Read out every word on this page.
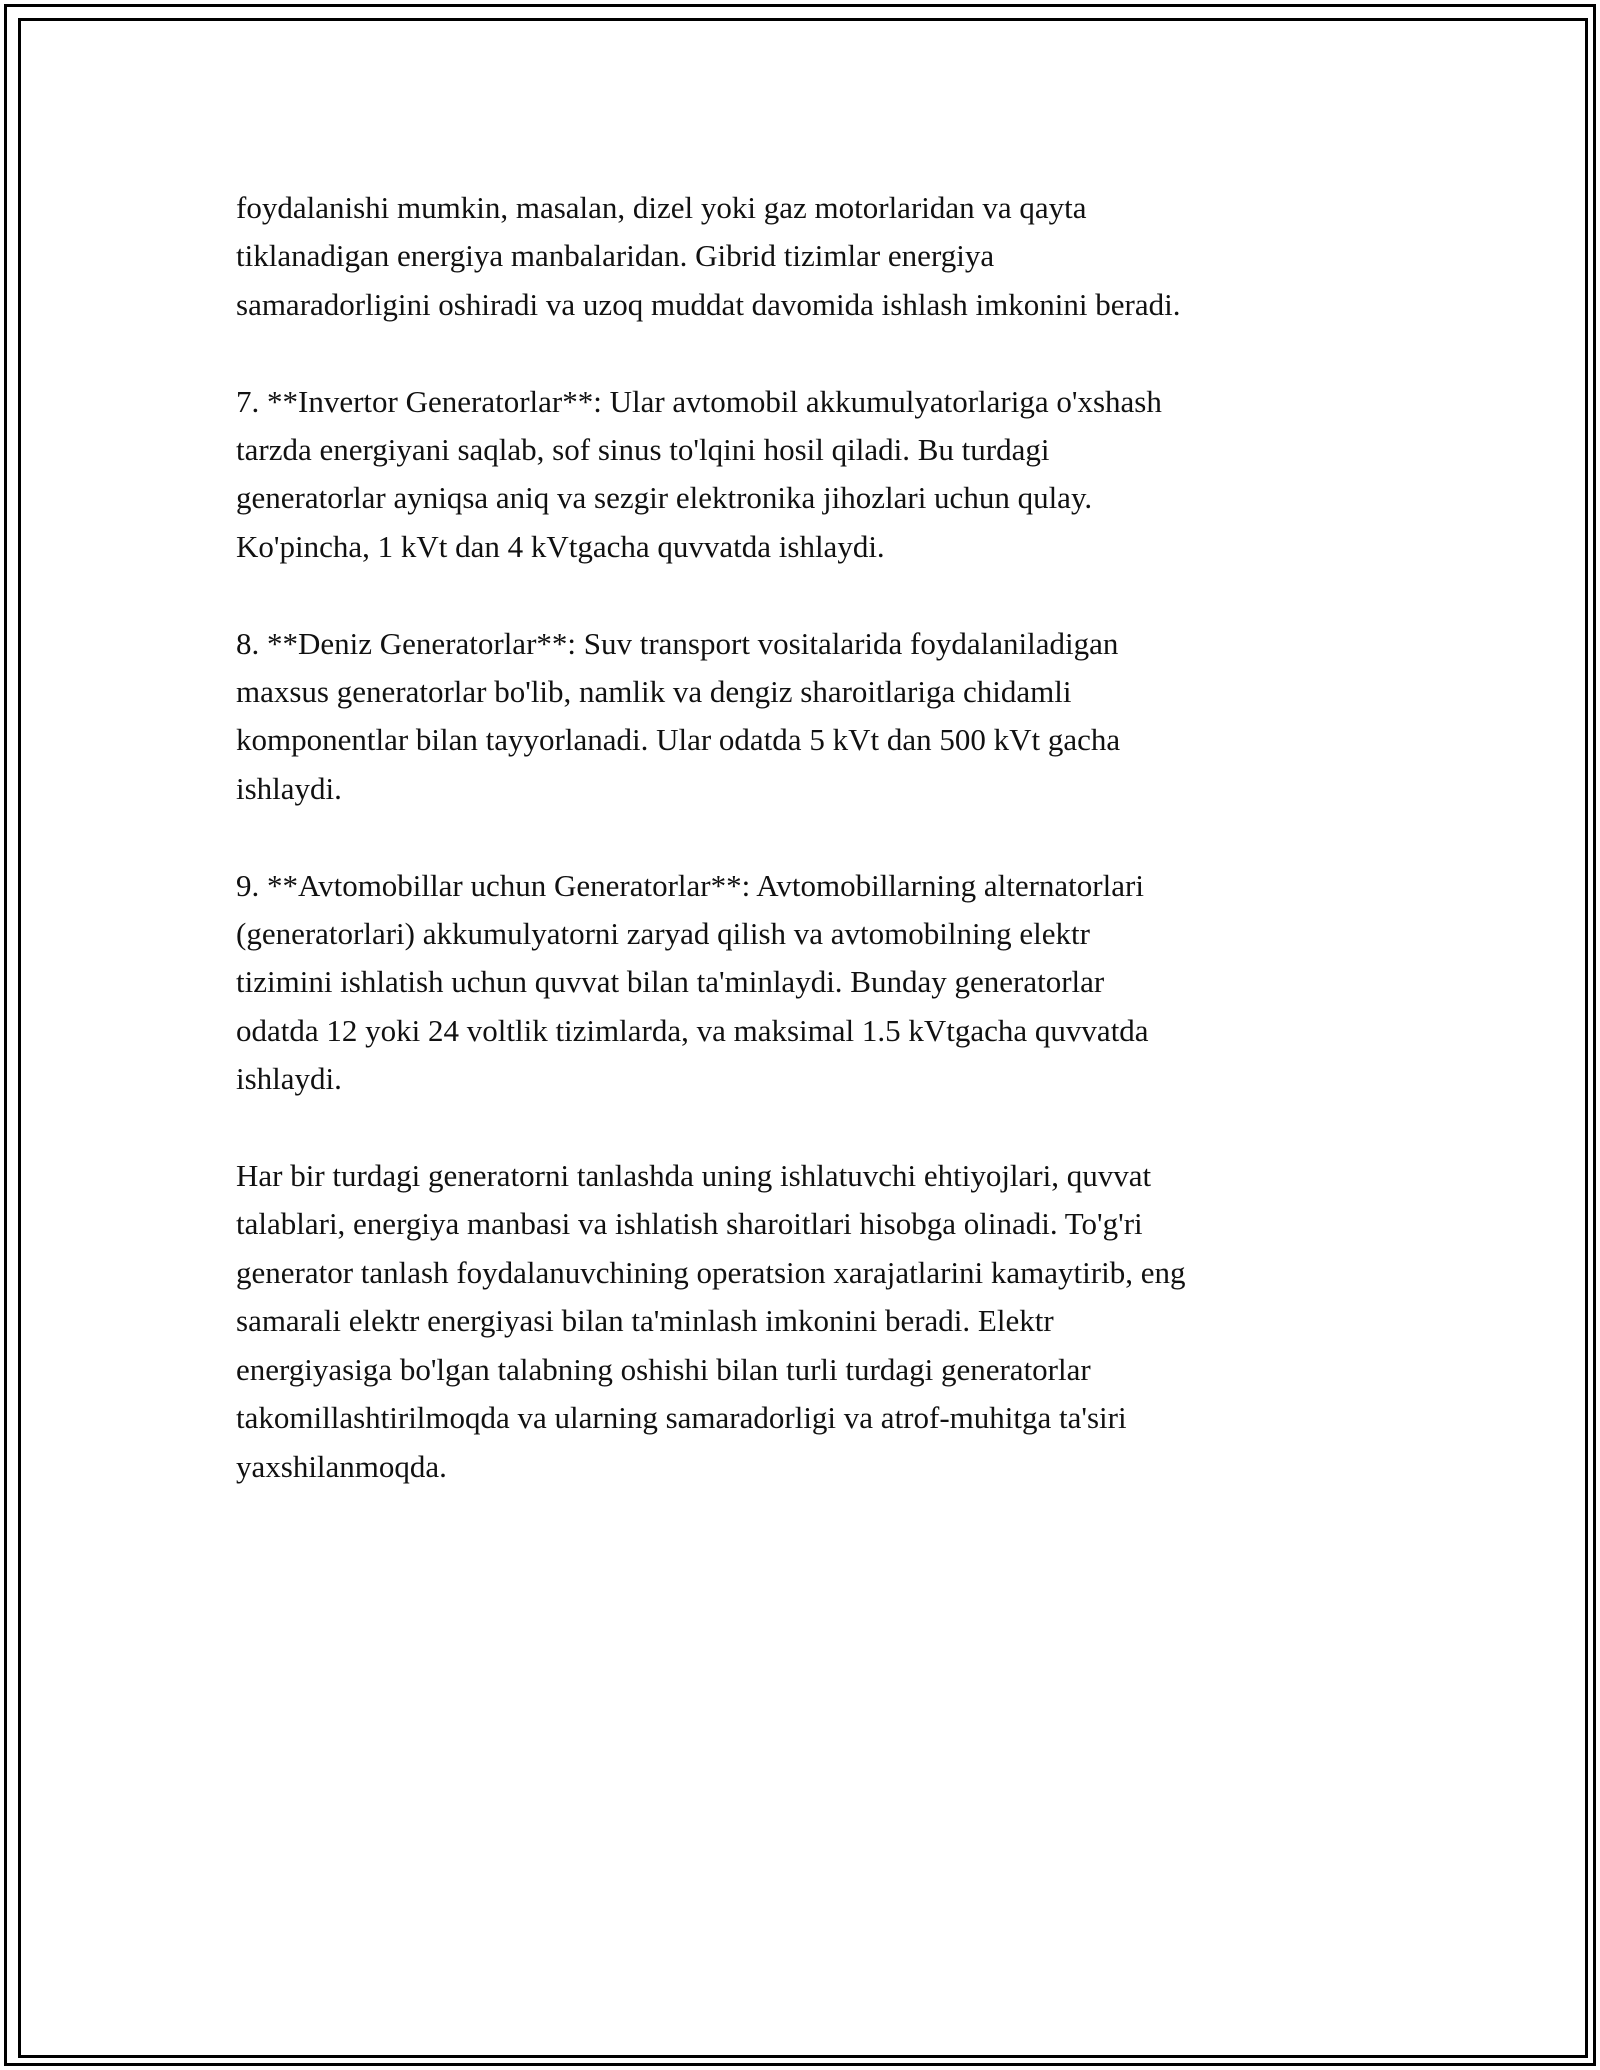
foydalanishi mumkin, masalan, dizel yoki gaz motorlaridan va qayta
tiklanadigan energiya manbalaridan. Gibrid tizimlar energiya
samaradorligini oshiradi va uzoq muddat davomida ishlash imkonini beradi.
7. **Invertor Generatorlar**: Ular avtomobil akkumulyatorlariga o'xshash
tarzda energiyani saqlab, sof sinus to'lqini hosil qiladi. Bu turdagi
generatorlar ayniqsa aniq va sezgir elektronika jihozlari uchun qulay.
Ko'pincha, 1 kVt dan 4 kVtgacha quvvatda ishlaydi.
8. **Deniz Generatorlar**: Suv transport vositalarida foydalaniladigan
maxsus generatorlar bo'lib, namlik va dengiz sharoitlariga chidamli
komponentlar bilan tayyorlanadi. Ular odatda 5 kVt dan 500 kVt gacha
ishlaydi.
9. **Avtomobillar uchun Generatorlar**: Avtomobillarning alternatorlari
(generatorlari) akkumulyatorni zaryad qilish va avtomobilning elektr
tizimini ishlatish uchun quvvat bilan ta'minlaydi. Bunday generatorlar
odatda 12 yoki 24 voltlik tizimlarda, va maksimal 1.5 kVtgacha quvvatda
ishlaydi.
Har bir turdagi generatorni tanlashda uning ishlatuvchi ehtiyojlari, quvvat
talablari, energiya manbasi va ishlatish sharoitlari hisobga olinadi. To'g'ri
generator tanlash foydalanuvchining operatsion xarajatlarini kamaytirib, eng
samarali elektr energiyasi bilan ta'minlash imkonini beradi. Elektr
energiyasiga bo'lgan talabning oshishi bilan turli turdagi generatorlar
takomillashtirilmoqda va ularning samaradorligi va atrof-muhitga ta'siri
yaxshilanmoqda.
